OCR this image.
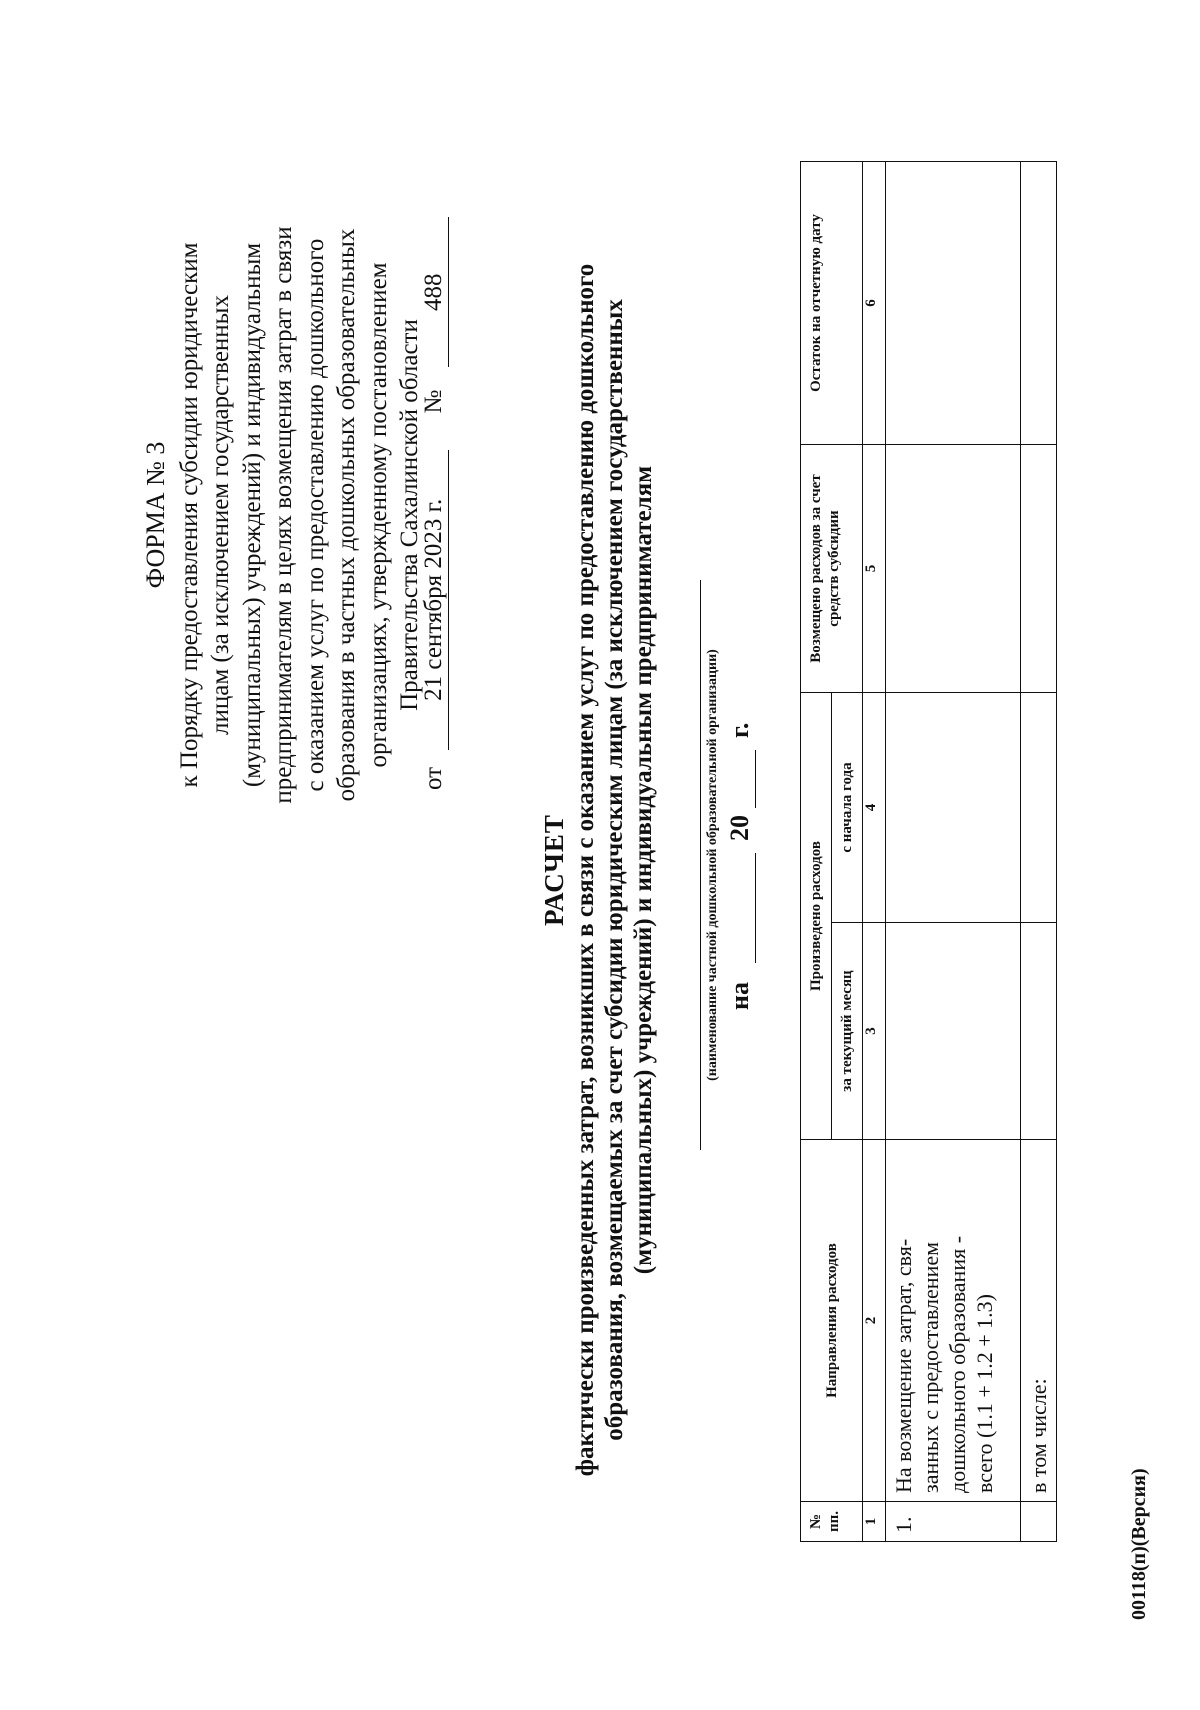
ФОРМА № 3 к Порядку предоставления субсидии юридическим лицам (за исключением государственных (муниципальных) учреждений) и индивидуальным предпринимателям в целях возмещения затрат в связи с оказанием услуг по предоставлению дошкольного образования в частных дошкольных образовательных организациях, утвержденному постановлением Правительства Сахалинской области

от 21 сентября 2023 г. № 488

РАСЧЕТ фактически произведенных затрат, возникших в связи с оказанием услуг по предоставлению дошкольного образования, возмещаемых за счет субсидии юридическим лицам (за исключением государственных (муниципальных) учреждений) и индивидуальным предпринимателям	(наименование частной дошкольной образовательной организации) на   20   г.
№ пп.	Направления расходов	Произведено расходов		Возмещено расходов за счет средств субсидии	Остаток на отчетную дату
		за текущий месяц	с начала года		
1	2	3	4	5	6
1.	На возмещение затрат, свя-
занных с предоставлением
дошкольного образования -
всего (1.1 + 1.2 + 1.3)				
	в том числе:				
00118(п)(Версия)
